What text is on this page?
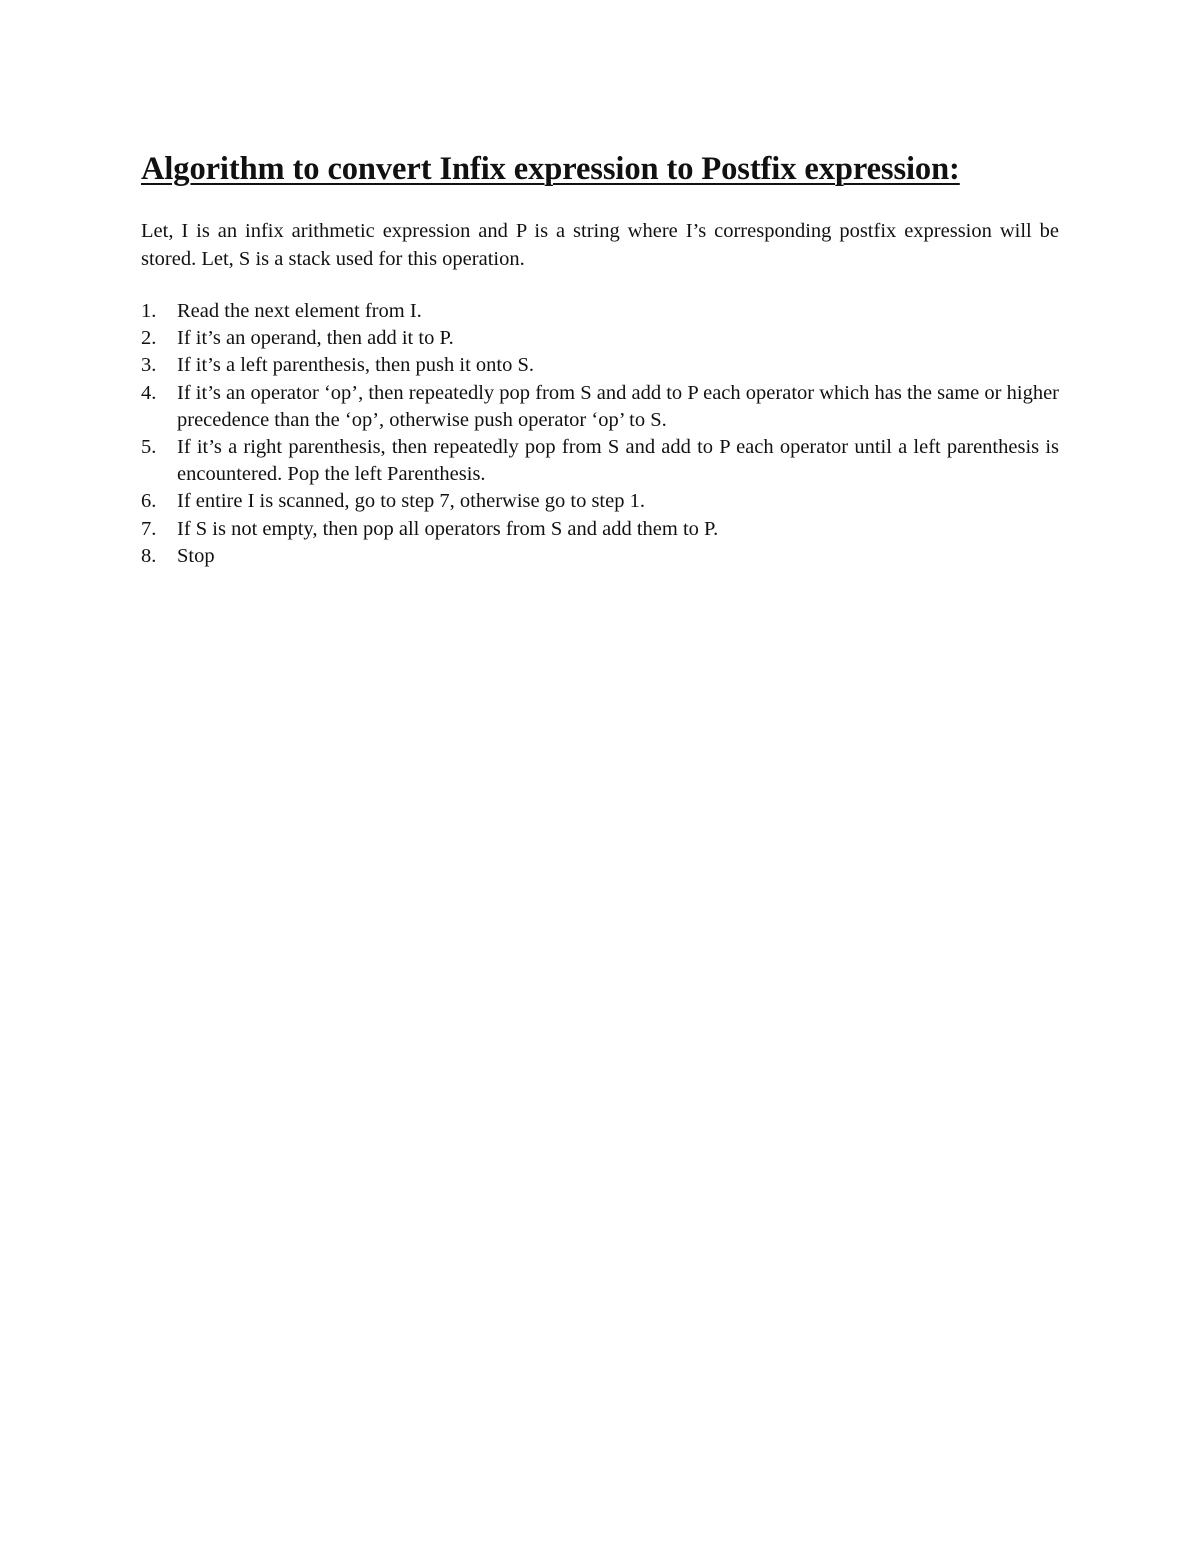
Algorithm to convert Infix expression to Postfix expression:

Let, I is an infix arithmetic expression and P is a string where I’s corresponding postfix expression will be stored. Let, S is a stack used for this operation.

1.	Read the next element from I.
2.	If it’s an operand, then add it to P.
3.	If it’s a left parenthesis, then push it onto S.
4.	If it’s an operator ‘op’, then repeatedly pop from S and add to P each operator which has the same or higher precedence than the ‘op’, otherwise push operator ‘op’ to S.
5.	If it’s a right parenthesis, then repeatedly pop from S and add to P each operator until a left parenthesis is encountered. Pop the left Parenthesis.
6.	If entire I is scanned, go to step 7, otherwise go to step 1.
7.	If S is not empty, then pop all operators from S and add them to P.
8.	Stop
